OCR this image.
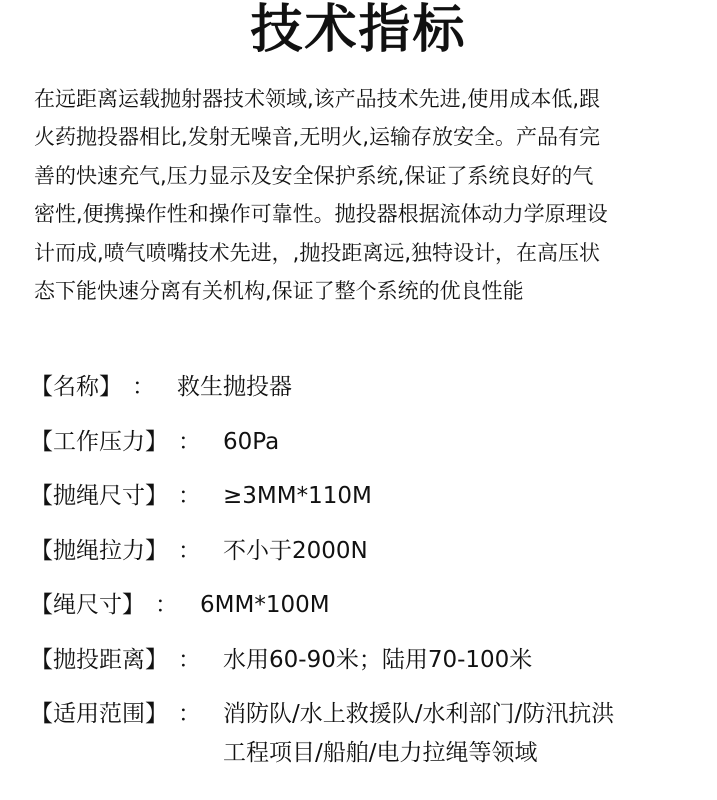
技术指标
在远距离运载抛射器技术领域,该产品技术先进,使用成本低,跟
火药抛投器相比,发射无噪音,无明火,运输存放安全。产品有完
善的快速充气,压力显示及安全保护系统,保证了系统良好的气
密性,便携操作性和操作可靠性。抛投器根据流体动力学原理设
计而成,喷气喷嘴技术先进，,抛投距离远,独特设计，在高压状
态下能快速分离有关机构,保证了整个系统的优良性能
【名称】 ： 救生抛投器
【工作压力】 ： 60Pa
【抛绳尺寸】 ： ≥3MM*110M
【抛绳拉力】 ： 不小于2000N
【绳尺寸】 ： 6MM*100M
【抛投距离】 ： 水用60-90米；陆用70-100米
【适用范围】 ： 消防队/水上救援队/水利部门/防汛抗洪
工程项目/船舶/电力拉绳等领域
